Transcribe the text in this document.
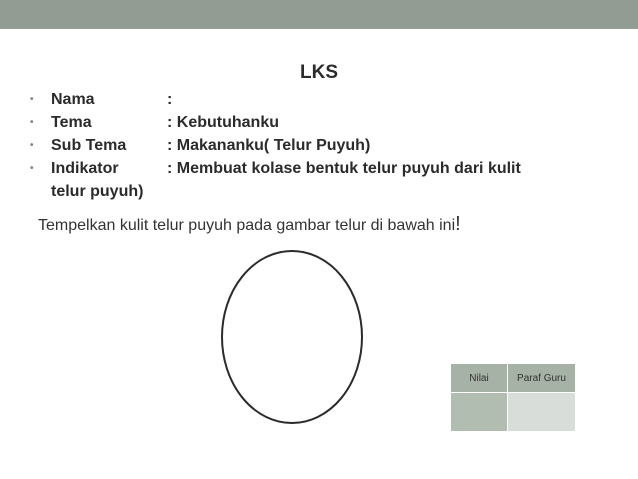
LKS
• Nama	:
• Tema	: Kebutuhanku
• Sub Tema	: Makananku( Telur Puyuh)
• Indikator	: Membuat kolase bentuk telur puyuh dari kulit
telur puyuh)
Tempelkan kulit telur puyuh pada gambar telur di bawah ini!
Nilai	Paraf Guru
